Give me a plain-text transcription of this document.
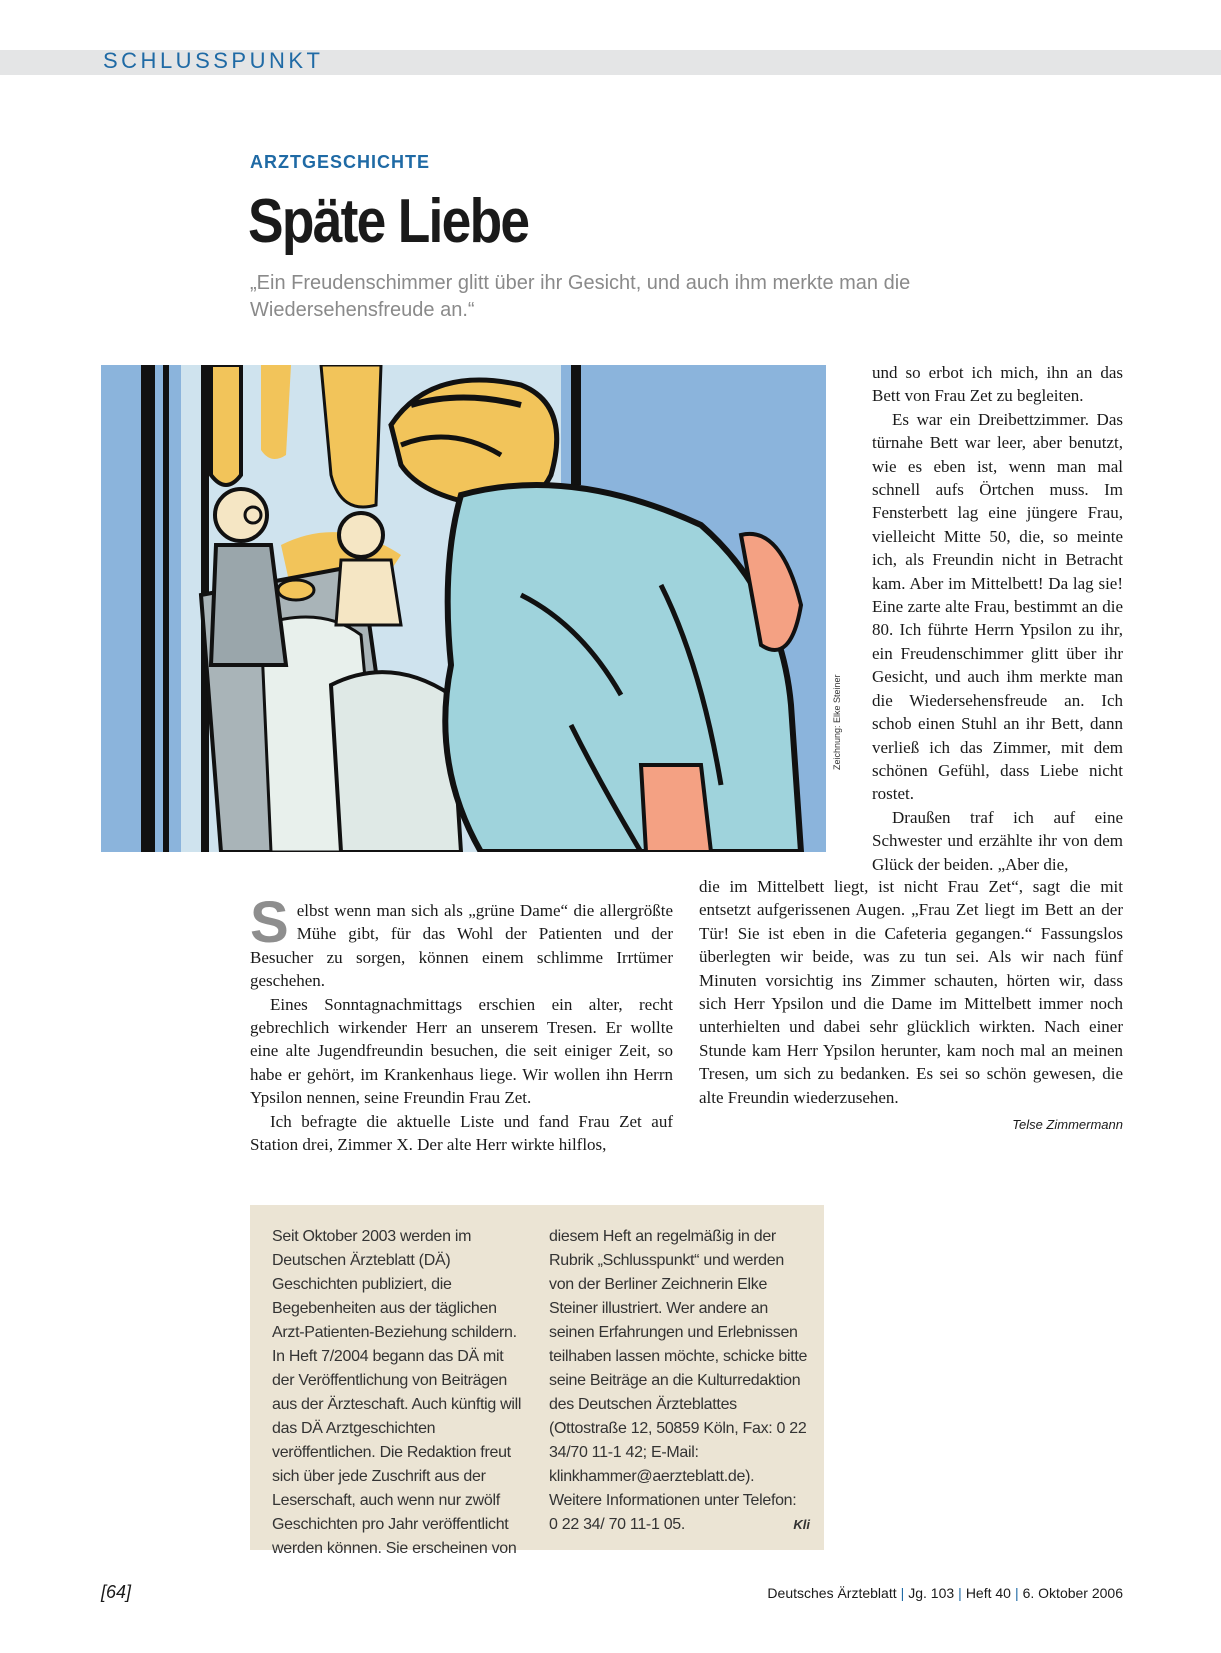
SCHLUSSPUNKT
ARZTGESCHICHTE
Späte Liebe
„Ein Freudenschimmer glitt über ihr Gesicht, und auch ihm merkte man die Wiedersehensfreude an.“
Zeichnung: Elke Steiner

und so erbot ich mich, ihn an das Bett von Frau Zet zu begleiten.

Es war ein Dreibettzimmer. Das türnahe Bett war leer, aber benutzt, wie es eben ist, wenn man mal schnell aufs Örtchen muss. Im Fensterbett lag eine jüngere Frau, vielleicht Mitte 50, die, so meinte ich, als Freundin nicht in Betracht kam. Aber im Mittelbett! Da lag sie! Eine zarte alte Frau, bestimmt an die 80. Ich führte Herrn Ypsilon zu ihr, ein Freudenschimmer glitt über ihr Gesicht, und auch ihm merkte man die Wiedersehensfreude an. Ich schob einen Stuhl an ihr Bett, dann verließ ich das Zimmer, mit dem schönen Gefühl, dass Liebe nicht rostet.

Draußen traf ich auf eine Schwester und erzählte ihr von dem Glück der beiden. „Aber die,

Selbst wenn man sich als „grüne Dame“ die allergrößte Mühe gibt, für das Wohl der Patienten und der Besucher zu sorgen, können einem schlimme Irrtümer geschehen.

Eines Sonntagnachmittags erschien ein alter, recht gebrechlich wirkender Herr an unserem Tresen. Er wollte eine alte Jugendfreundin besuchen, die seit einiger Zeit, so habe er gehört, im Krankenhaus liege. Wir wollen ihn Herrn Ypsilon nennen, seine Freundin Frau Zet.

Ich befragte die aktuelle Liste und fand Frau Zet auf Station drei, Zimmer X. Der alte Herr wirkte hilflos,

die im Mittelbett liegt, ist nicht Frau Zet“, sagt die mit entsetzt aufgerissenen Augen. „Frau Zet liegt im Bett an der Tür! Sie ist eben in die Cafeteria gegangen.“ Fassungslos überlegten wir beide, was zu tun sei. Als wir nach fünf Minuten vorsichtig ins Zimmer schauten, hörten wir, dass sich Herr Ypsilon und die Dame im Mittelbett immer noch unterhielten und dabei sehr glücklich wirkten. Nach einer Stunde kam Herr Ypsilon herunter, kam noch mal an meinen Tresen, um sich zu bedanken. Es sei so schön gewesen, die alte Freundin wiederzusehen.

Telse Zimmermann
Seit Oktober 2003 werden im Deutschen Ärzteblatt (DÄ) Geschichten publiziert, die Begebenheiten aus der täglichen Arzt-Patienten-Beziehung schildern. In Heft 7/2004 begann das DÄ mit der Veröffentlichung von Beiträgen aus der Ärzteschaft. Auch künftig will das DÄ Arztgeschichten veröffentlichen. Die Redaktion freut sich über jede Zuschrift aus der Leserschaft, auch wenn nur zwölf Geschichten pro Jahr veröffentlicht werden können. Sie erscheinen von
diesem Heft an regelmäßig in der Rubrik „Schlusspunkt“ und werden von der Berliner Zeichnerin Elke Steiner illustriert. Wer andere an seinen Erfahrungen und Erlebnissen teilhaben lassen möchte, schicke bitte seine Beiträge an die Kulturredaktion des Deutschen Ärzteblattes (Ottostraße 12, 50859 Köln, Fax: 0 22 34/70 11-1 42; E-Mail: klinkhammer@aerzteblatt.de). Weitere Informationen unter Telefon: 0 22 34/ 70 11-1 05.	Kli
[64]	Deutsches Ärzteblatt | Jg. 103 | Heft 40 | 6. Oktober 2006
